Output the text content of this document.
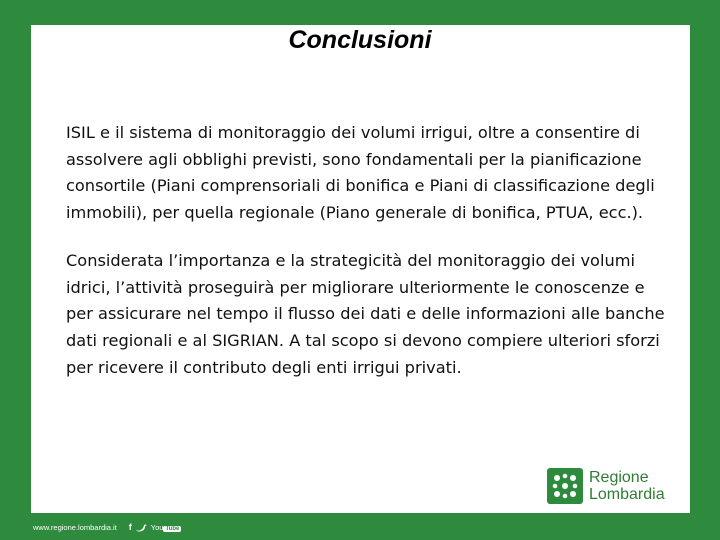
Conclusioni

ISIL e il sistema di monitoraggio dei volumi irrigui, oltre a consentire di assolvere agli obblighi previsti, sono fondamentali per la pianificazione consortile (Piani comprensoriali di bonifica e Piani di classificazione degli immobili), per quella regionale (Piano generale di bonifica, PTUA, ecc.).

Considerata l’importanza e la strategicità del monitoraggio dei volumi idrici, l’attività proseguirà per migliorare ulteriormente le conoscenze e per assicurare nel tempo il flusso dei dati e delle informazioni alle banche dati regionali e al SIGRIAN. A tal scopo si devono compiere ulteriori sforzi per ricevere il contributo degli enti irrigui privati.

Regione
Lombardia
www.regione.lombardia.it f	You Tube
